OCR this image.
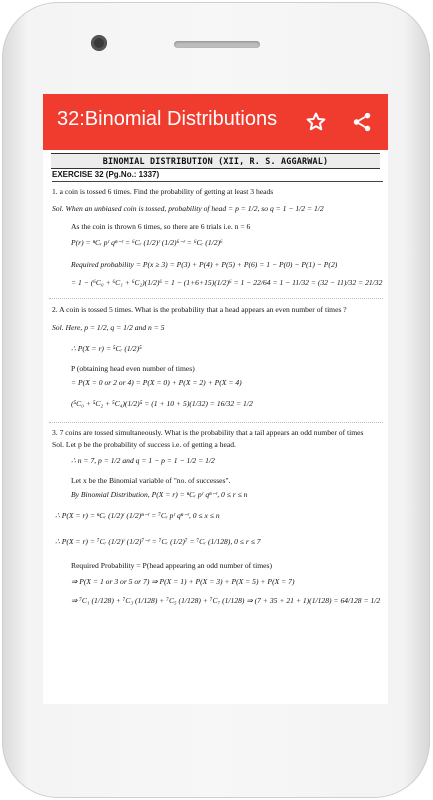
32:Binomial Distributions
BINOMIAL DISTRIBUTION (XII, R. S. AGGARWAL)
EXERCISE 32 (Pg.No.: 1337)
1. a coin is tossed 6 times. Find the probability of getting at least 3 heads
Sol. When an unbiased coin is tossed, probability of head = p = 1/2, so q = 1 − 1/2 = 1/2
As the coin is thrown 6 times, so there are 6 trials i.e. n = 6
P(r) = ⁿCᵣ pʳ qⁿ⁻ʳ = ⁶Cᵣ (1/2)ʳ (1/2)⁶⁻ʳ = ⁶Cᵣ (1/2)⁶
Required probability = P(x ≥ 3) = P(3) + P(4) + P(5) + P(6) = 1 − P(0) − P(1) − P(2)
= 1 − (⁶C₀ + ⁶C₁ + ⁶C₂)(1/2)⁶ = 1 − (1+6+15)(1/2)⁶ = 1 − 22/64 = 1 − 11/32 = (32 − 11)/32 = 21/32
2. A coin is tossed 5 times. What is the probability that a head appears an even number of times ?
Sol. Here, p = 1/2, q = 1/2 and n = 5
∴ P(X = r) = ⁵Cᵣ (1/2)⁵
P (obtaining head even number of times)
= P(X = 0 or 2 or 4) = P(X = 0) + P(X = 2) + P(X = 4)
(⁵C₀ + ⁵C₂ + ⁵C₄)(1/2)⁵ = (1 + 10 + 5)(1/32) = 16/32 = 1/2
3. 7 coins are tossed simultaneously. What is the probability that a tail appears an odd number of times
Sol. Let p be the probability of success i.e. of getting a head.
∴ n = 7, p = 1/2 and q = 1 − p = 1 − 1/2 = 1/2
Let x be the Binomial variable of "no. of successes".
By Binomial Distribution, P(X = r) = ⁿCᵣ pʳ qⁿ⁻ʳ, 0 ≤ r ≤ n
∴ P(X = r) = ⁿCᵣ (1/2)ʳ (1/2)ⁿ⁻ʳ = ⁷Cᵣ pʳ qⁿ⁻ʳ, 0 ≤ x ≤ n
∴ P(X = r) = ⁷Cᵣ (1/2)ʳ (1/2)⁷⁻ʳ = ⁷Cᵣ (1/2)⁷ = ⁷Cᵣ (1/128), 0 ≤ r ≤ 7
Required Probability = P(head appearing an odd number of times)
⇒ P(X = 1 or 3 or 5 or 7) ⇒ P(X = 1) + P(X = 3) + P(X = 5) + P(X = 7)
⇒ ⁷C₁ (1/128) + ⁷C₃ (1/128) + ⁷C₅ (1/128) + ⁷C₇ (1/128) ⇒ (7 + 35 + 21 + 1)(1/128) = 64/128 = 1/2
